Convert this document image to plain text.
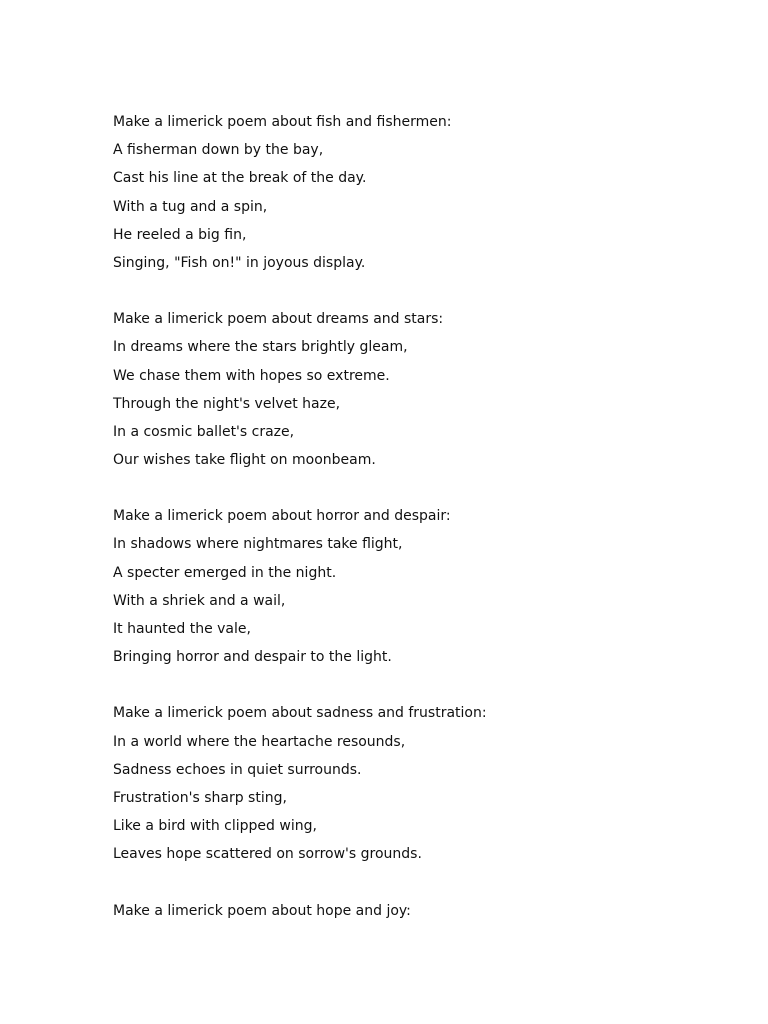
Make a limerick poem about fish and fishermen:

A fisherman down by the bay,

Cast his line at the break of the day.

With a tug and a spin,

He reeled a big fin,

Singing, "Fish on!" in joyous display.

Make a limerick poem about dreams and stars:

In dreams where the stars brightly gleam,

We chase them with hopes so extreme.

Through the night's velvet haze,

In a cosmic ballet's craze,

Our wishes take flight on moonbeam.

Make a limerick poem about horror and despair:

In shadows where nightmares take flight,

A specter emerged in the night.

With a shriek and a wail,

It haunted the vale,

Bringing horror and despair to the light.

Make a limerick poem about sadness and frustration:

In a world where the heartache resounds,

Sadness echoes in quiet surrounds.

Frustration's sharp sting,

Like a bird with clipped wing,

Leaves hope scattered on sorrow's grounds.

Make a limerick poem about hope and joy:
